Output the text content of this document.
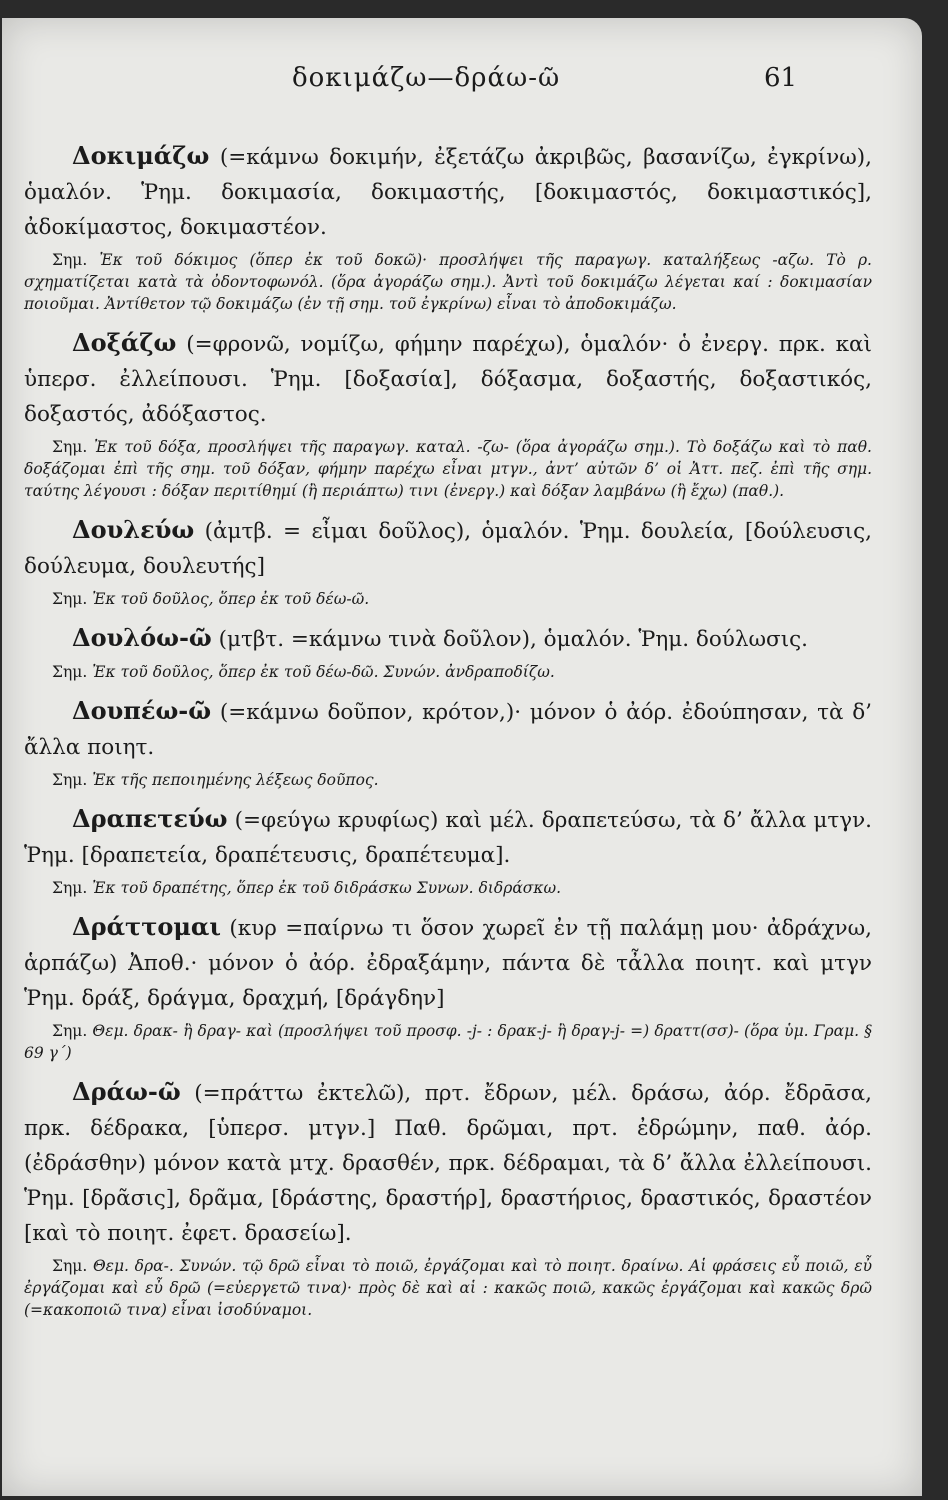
δοκιμάζω—δράω-ῶ	61

Δοκιμάζω (=κάμνω δοκιμήν, ἐξετάζω ἀκριβῶς, βασανίζω, ἐγκρίνω), ὁμαλόν. Ῥημ. δοκιμασία, δοκιμαστής, [δοκιμαστός, δοκιμαστικός], ἀδοκίμαστος, δοκιμαστέον.

Σημ. Ἐκ τοῦ δόκιμος (ὅπερ ἐκ τοῦ δοκῶ)· προσλήψει τῆς παραγωγ. καταλήξεως -αζω. Τὸ ρ. σχηματίζεται κατὰ τὰ ὀδοντοφωνόλ. (ὅρα ἀγοράζω σημ.). Ἀντὶ τοῦ δοκιμάζω λέγεται καί : δοκιμασίαν ποιοῦμαι. Ἀντίθετον τῷ δοκιμάζω (ἐν τῇ σημ. τοῦ ἐγκρίνω) εἶναι τὸ ἀποδοκιμάζω.

Δοξάζω (=φρονῶ, νομίζω, φήμην παρέχω), ὁμαλόν· ὁ ἐνεργ. πρκ. καὶ ὑπερσ. ἐλλείπουσι. Ῥημ. [δοξασία], δόξασμα, δοξαστής, δοξαστικός, δοξαστός, ἀδόξαστος.

Σημ. Ἐκ τοῦ δόξα, προσλήψει τῆς παραγωγ. καταλ. -ζω- (ὅρα ἀγοράζω σημ.). Τὸ δοξάζω καὶ τὸ παθ. δοξάζομαι ἐπὶ τῆς σημ. τοῦ δόξαν, φήμην παρέχω εἶναι μτγν., ἀντ’ αὐτῶν δ’ οἱ Ἀττ. πεζ. ἐπὶ τῆς σημ. ταύτης λέγουσι : δόξαν περιτίθημί (ἢ περιάπτω) τινι (ἐνεργ.) καὶ δόξαν λαμβάνω (ἢ ἔχω) (παθ.).

Δουλεύω (ἀμτβ. = εἶμαι δοῦλος), ὁμαλόν. Ῥημ. δουλεία, [δούλευσις, δούλευμα, δουλευτής]

Σημ. Ἐκ τοῦ δοῦλος, ὅπερ ἐκ τοῦ δέω-ῶ.

Δουλόω-ῶ (μτβτ. =κάμνω τινὰ δοῦλον), ὁμαλόν. Ῥημ. δούλωσις.

Σημ. Ἐκ τοῦ δοῦλος, ὅπερ ἐκ τοῦ δέω-δῶ. Συνών. ἀνδραποδίζω.

Δουπέω-ῶ (=κάμνω δοῦπον, κρότον,)· μόνον ὁ ἀόρ. ἐδούπησαν, τὰ δ’ ἄλλα ποιητ.

Σημ. Ἐκ τῆς πεποιημένης λέξεως δοῦπος.

Δραπετεύω (=φεύγω κρυφίως) καὶ μέλ. δραπετεύσω, τὰ δ’ ἄλλα μτγν. Ῥημ. [δραπετεία, δραπέτευσις, δραπέτευμα].

Σημ. Ἐκ τοῦ δραπέτης, ὅπερ ἐκ τοῦ διδράσκω Συνων. διδράσκω.

Δράττομαι (κυρ =παίρνω τι ὅσον χωρεῖ ἐν τῇ παλάμῃ μου· ἀδράχνω, ἁρπάζω) Ἀποθ.· μόνον ὁ ἀόρ. ἐδραξάμην, πάντα δὲ τἆλλα ποιητ. καὶ μτγν Ῥημ. δράξ, δράγμα, δραχμή, [δράγδην]

Σημ. Θεμ. δρακ- ἢ δραγ- καὶ (προσλήψει τοῦ προσφ. -j- : δρακ-j- ἢ δραγ-j- =) δραττ(σσ)- (ὅρα ὑμ. Γραμ. § 69 γ΄)

Δράω-ῶ (=πράττω ἐκτελῶ), πρτ. ἔδρων, μέλ. δράσω, ἀόρ. ἔδρᾱσα, πρκ. δέδρακα, [ὑπερσ. μτγν.] Παθ. δρῶμαι, πρτ. ἐδρώμην, παθ. ἀόρ. (ἐδράσθην) μόνον κατὰ μτχ. δρασθέν, πρκ. δέδραμαι, τὰ δ’ ἄλλα ἐλλείπουσι. Ῥημ. [δρᾶσις], δρᾶμα, [δράστης, δραστήρ], δραστήριος, δραστικός, δραστέον [καὶ τὸ ποιητ. ἐφετ. δρασείω].

Σημ. Θεμ. δρα-. Συνών. τῷ δρῶ εἶναι τὸ ποιῶ, ἐργάζομαι καὶ τὸ ποιητ. δραίνω. Αἱ φράσεις εὖ ποιῶ, εὖ ἐργάζομαι καὶ εὖ δρῶ (=εὐεργετῶ τινα)· πρὸς δὲ καὶ αἱ : κακῶς ποιῶ, κακῶς ἐργάζομαι καὶ κακῶς δρῶ (=κακοποιῶ τινα) εἶναι ἰσοδύναμοι.
